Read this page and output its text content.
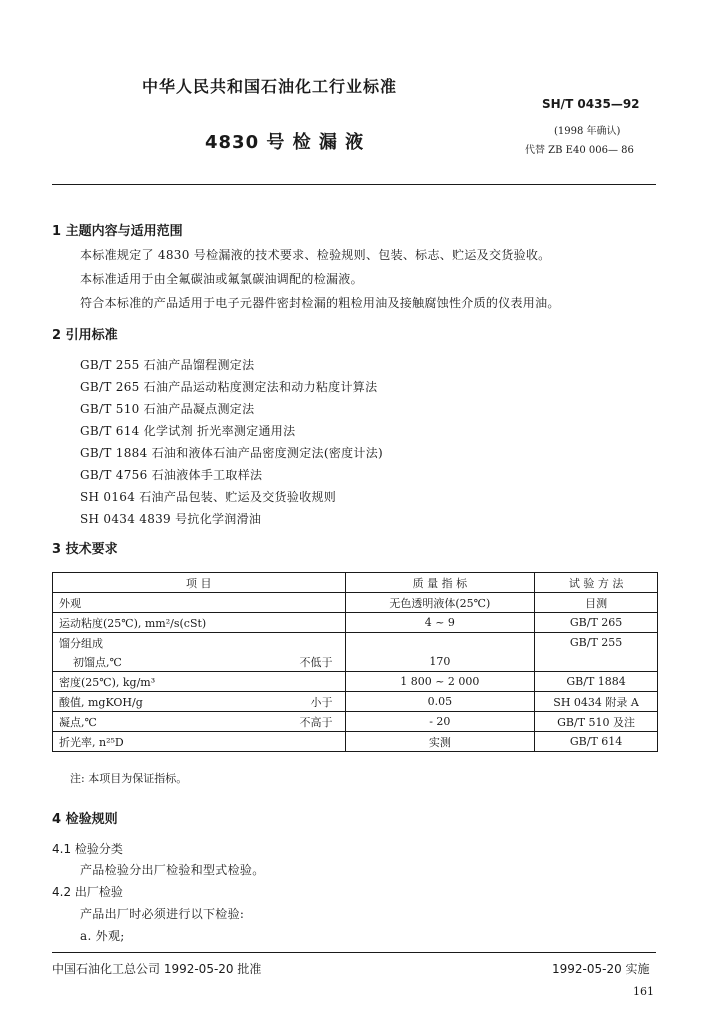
中华人民共和国石油化工行业标准
SH/T 0435—92
4830 号 检 漏 液
(1998 年确认)
代替 ZB E40 006— 86
1 主题内容与适用范围
本标准规定了 4830 号检漏液的技术要求、检验规则、包装、标志、贮运及交货验收。
本标准适用于由全氟碳油或氟氯碳油调配的检漏液。
符合本标准的产品适用于电子元器件密封检漏的粗检用油及接触腐蚀性介质的仪表用油。
2 引用标准
GB/T 255 石油产品馏程测定法
GB/T 265 石油产品运动粘度测定法和动力粘度计算法
GB/T 510 石油产品凝点测定法
GB/T 614 化学试剂 折光率测定通用法
GB/T 1884 石油和液体石油产品密度测定法(密度计法)
GB/T 4756 石油液体手工取样法
SH 0164 石油产品包装、贮运及交货验收规则
SH 0434 4839 号抗化学润滑油
3 技术要求
项 目	质 量 指 标	试 验 方 法
外观	无色透明液体(25℃)	目测
运动粘度(25℃), mm²/s(cSt)	4 ~ 9	GB/T 265
馏分组成		GB/T 255
初馏点,℃ 不低于	170	
密度(25℃), kg/m³	1 800 ~ 2 000	GB/T 1884
酸值, mgKOH/g 小于	0.05	SH 0434 附录 A
凝点,℃ 不高于	- 20	GB/T 510 及注
折光率, n²⁵D	实测	GB/T 614
注: 本项目为保证指标。
4 检验规则
4.1 检验分类
产品检验分出厂检验和型式检验。
4.2 出厂检验
产品出厂时必须进行以下检验:
a. 外观;
中国石油化工总公司 1992-05-20 批准	1992-05-20 实施
161
